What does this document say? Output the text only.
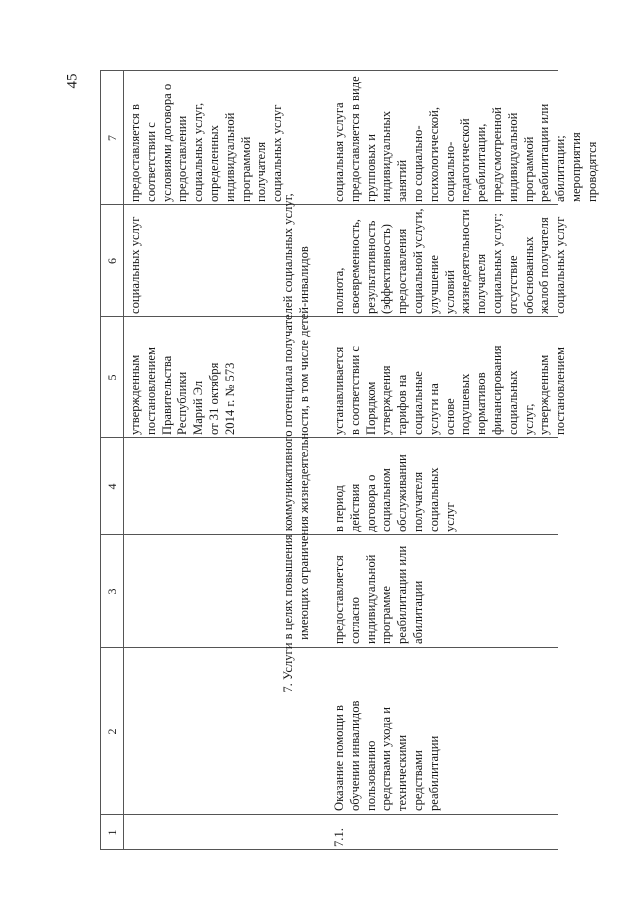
45
1
2
3
4
5
6
7
утвержденным
постановлением
Правительства
Республики
Марий Эл
от 31 октября
2014 г. № 573
социальных услуг
предоставляется в
соответствии с
условиями договора о
предоставлении
социальных услуг,
определенных
индивидуальной
программой получателя
социальных услуг
7. Услуги в целях повышения коммуникативного потенциала получателей социальных услуг, имеющих ограничения жизнедеятельности, в том числе детей-инвалидов
7.1.
Оказание помощи в
обучении инвалидов
пользованию
средствами ухода и
техническими
средствами
реабилитации
предоставляется
согласно
индивидуальной
программе
реабилитации или
абилитации
в период
действия
договора о
социальном
обслуживании
получателя
социальных
услуг
устанавливается
в соответствии с
Порядком
утверждения
тарифов на
социальные
услуги на
основе
подушевых
нормативов
финансирования
социальных
услуг,
утвержденным
постановлением
полнота,
своевременность,
результативность
(эффективность)
предоставления
социальной услуги,
улучшение условий
жизнедеятельности
получателя
социальных услуг;
отсутствие
обоснованных
жалоб получателя
социальных услуг
социальная услуга
предоставляется в виде
групповых и
индивидуальных занятий
по социально-
психологической,
социально-
педагогической
реабилитации,
предусмотренной
индивидуальной
программой
реабилитации или
абилитации;
мероприятия проводятся
